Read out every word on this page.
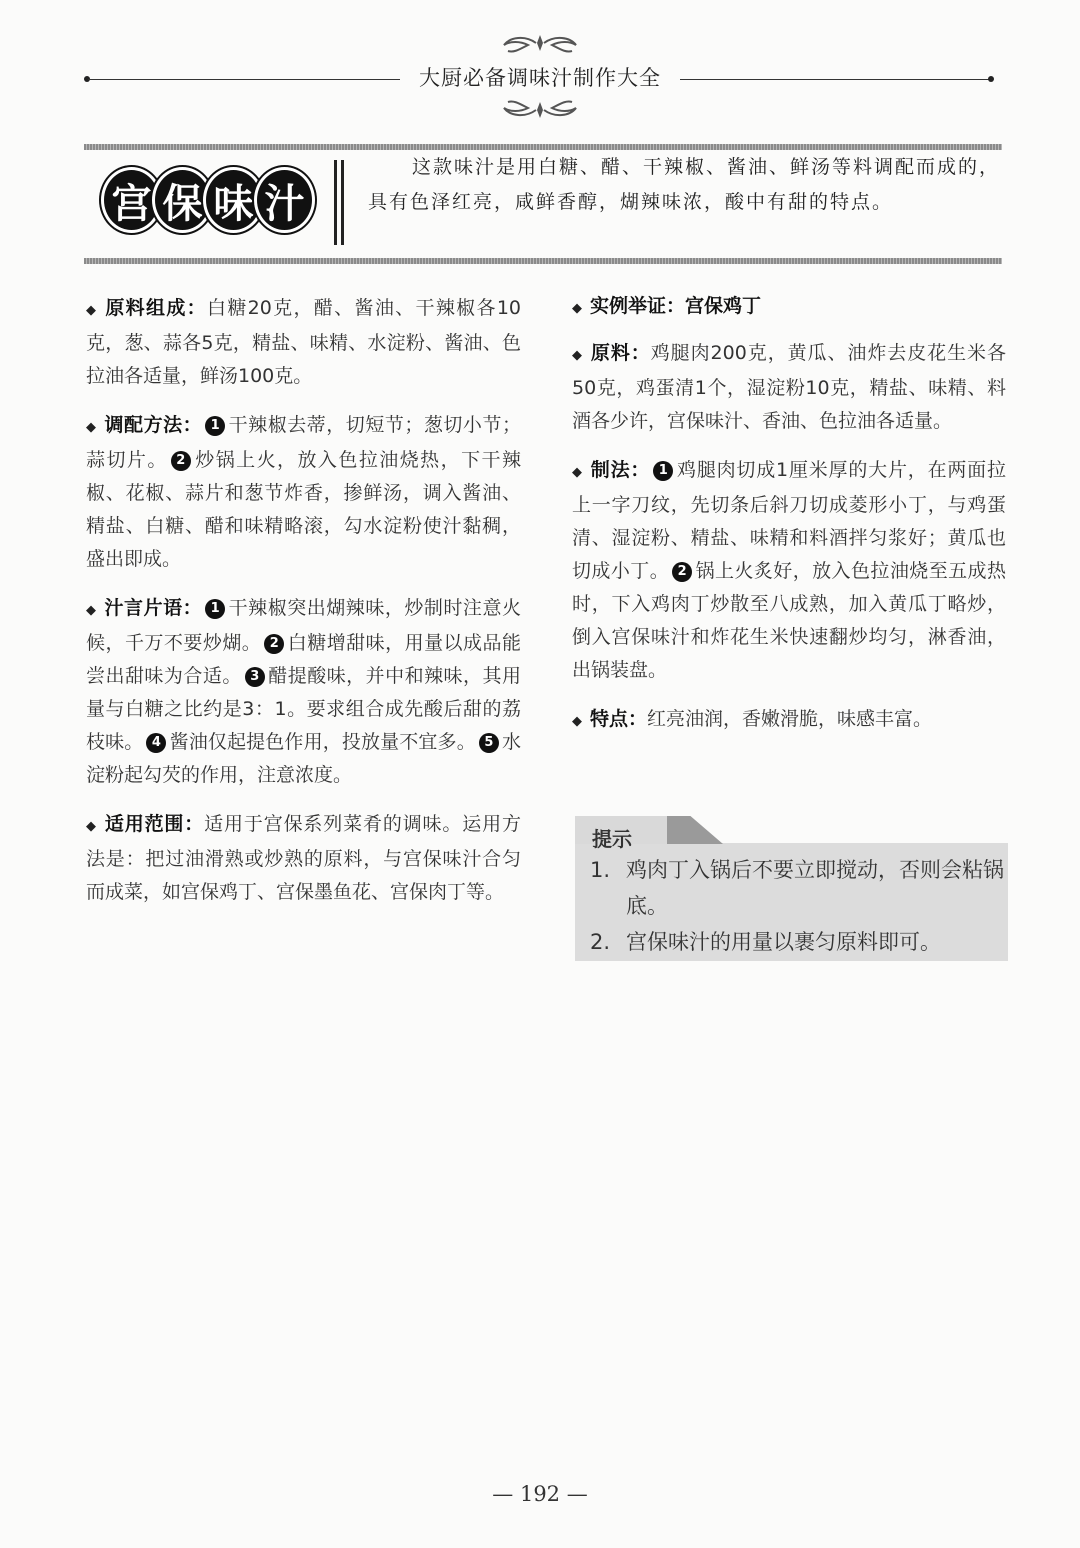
大厨必备调味汁制作大全
宫 保 味 汁
这款味汁是用白糖、醋、干辣椒、酱油、鲜汤等料调配而成的，具有色泽红亮，咸鲜香醇，煳辣味浓，酸中有甜的特点。

◆ 原料组成：白糖20克，醋、酱油、干辣椒各10克，葱、蒜各5克，精盐、味精、水淀粉、酱油、色拉油各适量，鲜汤100克。

◆ 调配方法： 1 干辣椒去蒂，切短节；葱切小节；蒜切片。 2 炒锅上火，放入色拉油烧热，下干辣椒、花椒、蒜片和葱节炸香，掺鲜汤，调入酱油、精盐、白糖、醋和味精略滚，勾水淀粉使汁黏稠，盛出即成。

◆ 汁言片语： 1 干辣椒突出煳辣味，炒制时注意火候，千万不要炒煳。 2 白糖增甜味，用量以成品能尝出甜味为合适。 3 醋提酸味，并中和辣味，其用量与白糖之比约是3：1。要求组合成先酸后甜的荔枝味。 4 酱油仅起提色作用，投放量不宜多。 5 水淀粉起勾芡的作用，注意浓度。

◆ 适用范围：适用于宫保系列菜肴的调味。运用方法是：把过油滑熟或炒熟的原料，与宫保味汁合匀而成菜，如宫保鸡丁、宫保墨鱼花、宫保肉丁等。

◆ 实例举证：宫保鸡丁

◆ 原料：鸡腿肉200克，黄瓜、油炸去皮花生米各50克，鸡蛋清1个，湿淀粉10克，精盐、味精、料酒各少许，宫保味汁、香油、色拉油各适量。

◆ 制法： 1 鸡腿肉切成1厘米厚的大片，在两面拉上一字刀纹，先切条后斜刀切成菱形小丁，与鸡蛋清、湿淀粉、精盐、味精和料酒拌匀浆好；黄瓜也切成小丁。 2 锅上火炙好，放入色拉油烧至五成热时，下入鸡肉丁炒散至八成熟，加入黄瓜丁略炒，倒入宫保味汁和炸花生米快速翻炒均匀，淋香油，出锅装盘。

◆ 特点：红亮油润，香嫩滑脆，味感丰富。

提示
1. 鸡肉丁入锅后不要立即搅动，否则会粘锅底。
2. 宫保味汁的用量以裹匀原料即可。
— 192 —
